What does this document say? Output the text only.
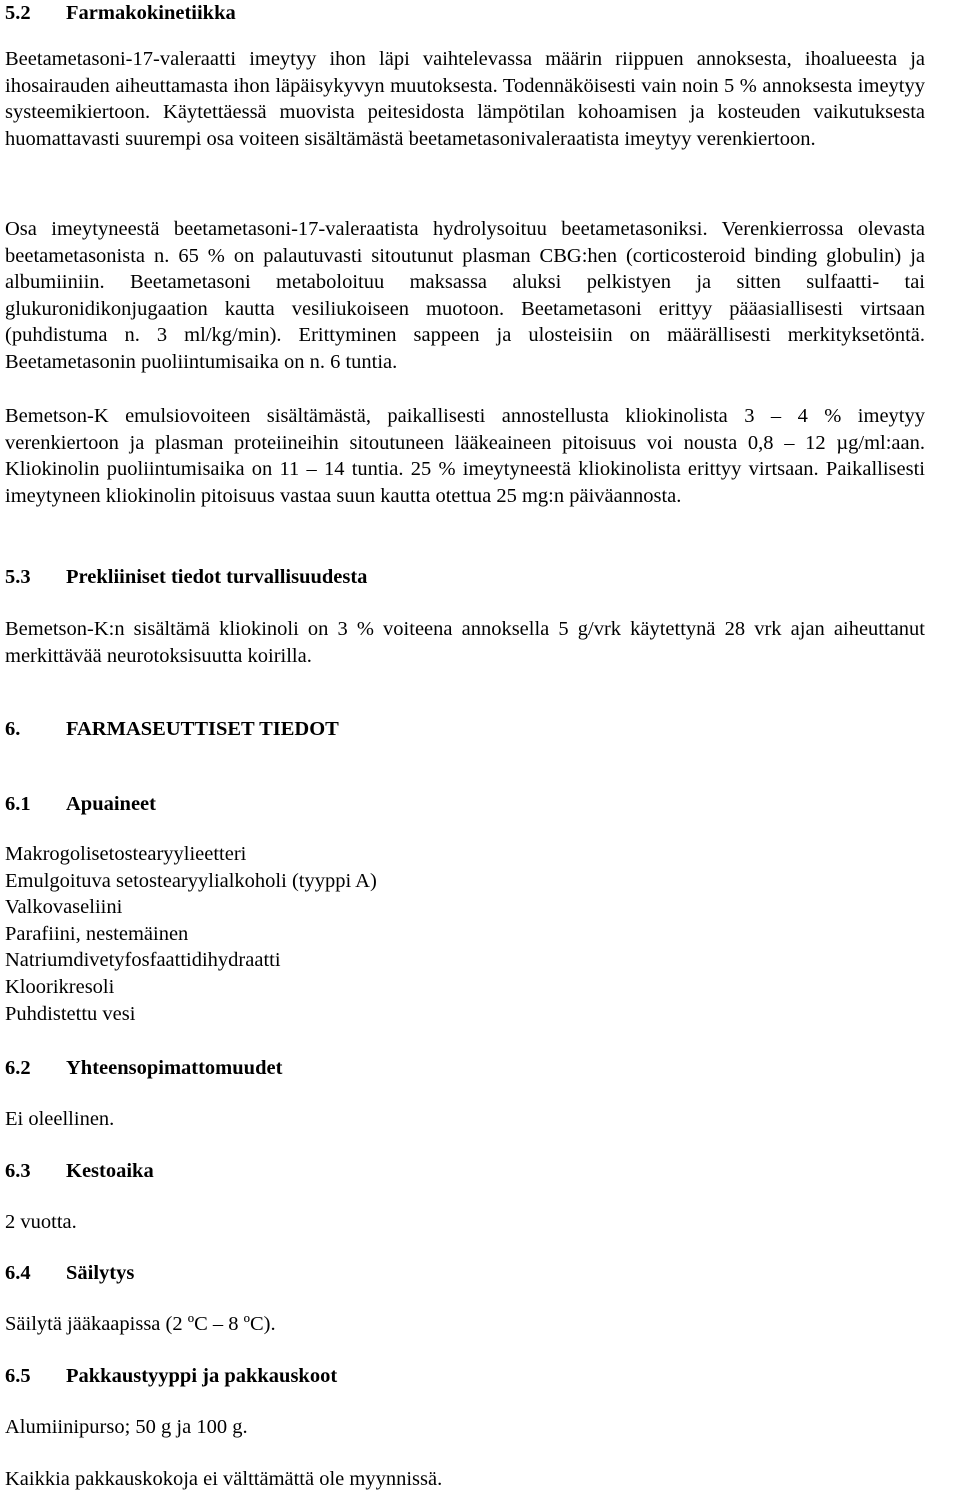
5.2 Farmakokinetiikka

Beetametasoni-17-valeraatti imeytyy ihon läpi vaihtelevassa määrin riippuen annoksesta, ihoalueesta ja ihosairauden aiheuttamasta ihon läpäisykyvyn muutoksesta. Todennäköisesti vain noin 5 % annoksesta imeytyy systeemikiertoon. Käytettäessä muovista peitesidosta lämpötilan kohoamisen ja kosteuden vaikutuksesta huomattavasti suurempi osa voiteen sisältämästä beetametasonivaleraatista imeytyy verenkiertoon.

Osa imeytyneestä beetametasoni-17-valeraatista hydrolysoituu beetametasoniksi. Verenkierrossa olevasta beetametasonista n. 65 % on palautuvasti sitoutunut plasman CBG:hen (corticosteroid binding globulin) ja albumiiniin. Beetametasoni metaboloituu maksassa aluksi pelkistyen ja sitten sulfaatti- tai glukuronidikonjugaation kautta vesiliukoiseen muotoon. Beetametasoni erittyy pääasiallisesti virtsaan (puhdistuma n. 3 ml/kg/min). Erittyminen sappeen ja ulosteisiin on määrällisesti merkityksetöntä. Beetametasonin puoliintumisaika on n. 6 tuntia.

Bemetson-K emulsiovoiteen sisältämästä, paikallisesti annostellusta kliokinolista 3 – 4 % imeytyy verenkiertoon ja plasman proteiineihin sitoutuneen lääkeaineen pitoisuus voi nousta 0,8 – 12 µg/ml:aan. Kliokinolin puoliintumisaika on 11 – 14 tuntia. 25 % imeytyneestä kliokinolista erittyy virtsaan. Paikallisesti imeytyneen kliokinolin pitoisuus vastaa suun kautta otettua 25 mg:n päiväannosta.

5.3 Prekliiniset tiedot turvallisuudesta

Bemetson-K:n sisältämä kliokinoli on 3 % voiteena annoksella 5 g/vrk käytettynä 28 vrk ajan aiheuttanut merkittävää neurotoksisuutta koirilla.

6. FARMASEUTTISET TIEDOT
6.1 Apuaineet
Makrogolisetostearyylieetteri
Emulgoituva setostearyylialkoholi (tyyppi A)
Valkovaseliini
Parafiini, nestemäinen
Natriumdivetyfosfaattidihydraatti
Kloorikresoli
Puhdistettu vesi
6.2 Yhteensopimattomuudet

Ei oleellinen.

6.3 Kestoaika

2 vuotta.

6.4 Säilytys

Säilytä jääkaapissa (2 ºC – 8 ºC).

6.5 Pakkaustyyppi ja pakkauskoot

Alumiinipurso; 50 g ja 100 g.

Kaikkia pakkauskokoja ei välttämättä ole myynnissä.
